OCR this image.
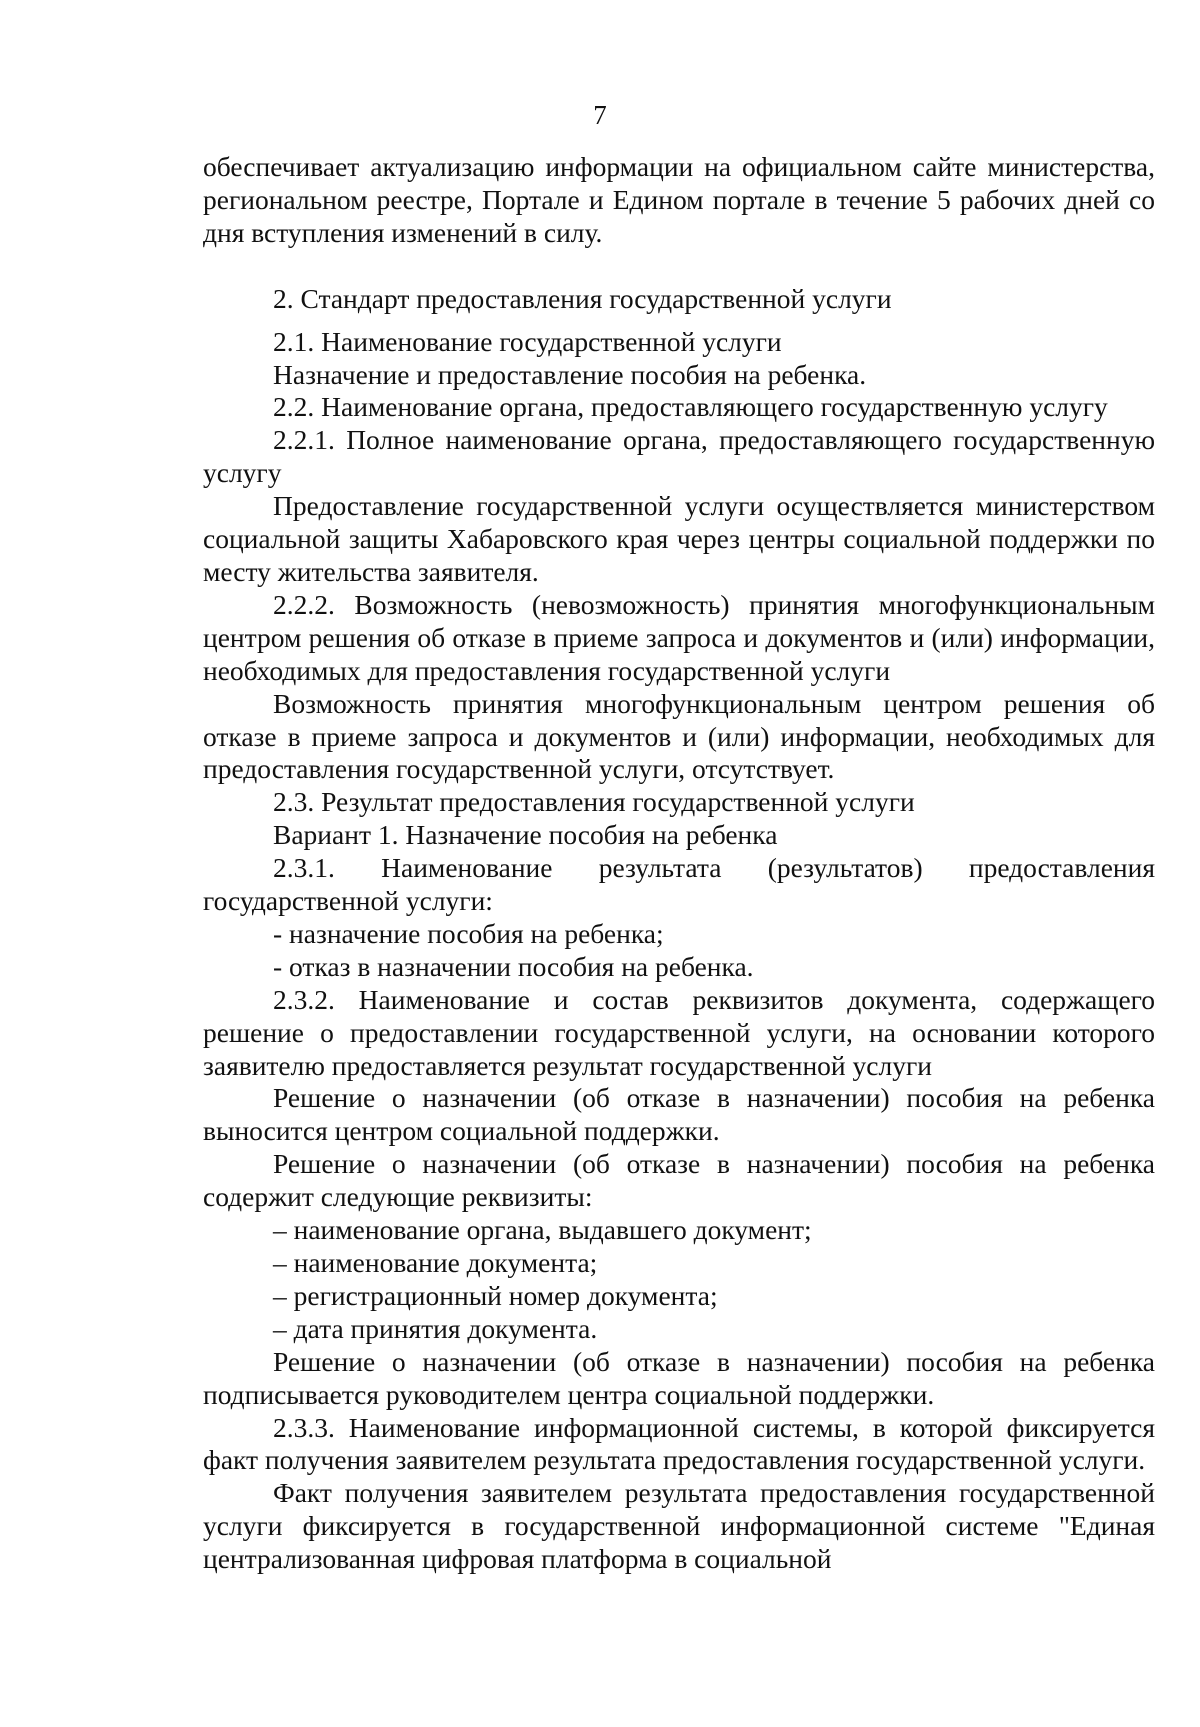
7

обеспечивает актуализацию информации на официальном сайте министерства, региональном реестре, Портале и Едином портале в течение 5 рабочих дней со дня вступления изменений в силу.

2. Стандарт предоставления государственной услуги

2.1. Наименование государственной услуги

Назначение и предоставление пособия на ребенка.

2.2. Наименование органа, предоставляющего государственную услугу

2.2.1. Полное наименование органа, предоставляющего государственную услугу

Предоставление государственной услуги осуществляется министерством социальной защиты Хабаровского края через центры социальной поддержки по месту жительства заявителя.

2.2.2. Возможность (невозможность) принятия многофункциональным центром решения об отказе в приеме запроса и документов и (или) информации, необходимых для предоставления государственной услуги

Возможность принятия многофункциональным центром решения об отказе в приеме запроса и документов и (или) информации, необходимых для предоставления государственной услуги, отсутствует.

2.3. Результат предоставления государственной услуги

Вариант 1. Назначение пособия на ребенка

2.3.1. Наименование результата (результатов) предоставления государственной услуги:

- назначение пособия на ребенка;

- отказ в назначении пособия на ребенка.

2.3.2. Наименование и состав реквизитов документа, содержащего решение о предоставлении государственной услуги, на основании которого заявителю предоставляется результат государственной услуги

Решение о назначении (об отказе в назначении) пособия на ребенка выносится центром социальной поддержки.

Решение о назначении (об отказе в назначении) пособия на ребенка содержит следующие реквизиты:

– наименование органа, выдавшего документ;

– наименование документа;

– регистрационный номер документа;

– дата принятия документа.

Решение о назначении (об отказе в назначении) пособия на ребенка подписывается руководителем центра социальной поддержки.

2.3.3. Наименование информационной системы, в которой фиксируется факт получения заявителем результата предоставления государственной услуги.

Факт получения заявителем результата предоставления государственной услуги фиксируется в государственной информационной системе "Единая централизованная цифровая платформа в социальной
